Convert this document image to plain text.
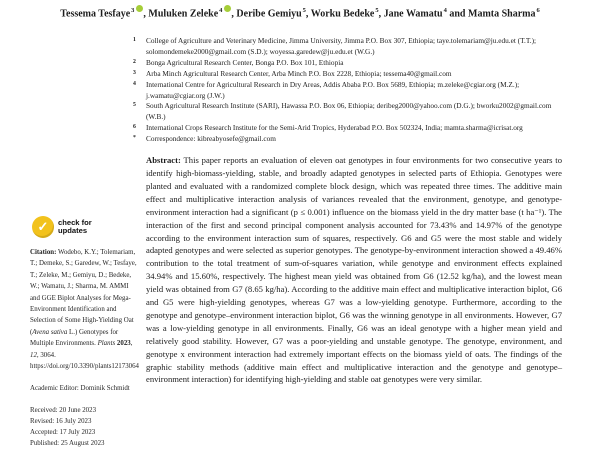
Tessema Tesfaye$^3$ , Muluken Zeleke$^4$ , Deribe Gemiyu$^5$, Worku Bedeke$^5$, Jane Wamatu$^4$ and Mamta Sharma$^6$
✓	check for
updates

Citation: Wodebo, K.Y.; Tolemariam, T.; Demeke, S.; Garedew, W.; Tesfaye, T.; Zeleke, M.; Gemiyu, D.; Bedeke, W.; Wamatu, J.; Sharma, M. AMMI and GGE Biplot Analyses for Mega-Environment Identification and Selection of Some High-Yielding Oat (Avena sativa L.) Genotypes for Multiple Environments. Plants 2023, 12, 3064. https://doi.org/10.3390/plants12173064

Academic Editor: Dominik Schmidt

Received: 20 June 2023
Revised: 16 July 2023
Accepted: 17 July 2023
Published: 25 August 2023
1	College of Agriculture and Veterinary Medicine, Jimma University, Jimma P.O. Box 307, Ethiopia; taye.tolemariam@ju.edu.et (T.T.); solomondemeke2000@gmail.com (S.D.); woyessa.garedew@ju.edu.et (W.G.)
2	Bonga Agricultural Research Center, Bonga P.O. Box 101, Ethiopia
3	Arba Minch Agricultural Research Center, Arba Minch P.O. Box 2228, Ethiopia; tessema40@gmail.com
4	International Centre for Agricultural Research in Dry Areas, Addis Ababa P.O. Box 5689, Ethiopia; m.zeleke@cgiar.org (M.Z.); j.wamatu@cgiar.org (J.W.)
5	South Agricultural Research Institute (SARI), Hawassa P.O. Box 06, Ethiopia; deribeg2000@yahoo.com (D.G.); bworku2002@gmail.com (W.B.)
6	International Crops Research Institute for the Semi-Arid Tropics, Hyderabad P.O. Box 502324, India; mamta.sharma@icrisat.org
*	Correspondence: kibreabyosefe@gmail.com

Abstract: This paper reports an evaluation of eleven oat genotypes in four environments for two consecutive years to identify high-biomass-yielding, stable, and broadly adapted genotypes in selected parts of Ethiopia. Genotypes were planted and evaluated with a randomized complete block design, which was repeated three times. The additive main effect and multiplicative interaction analysis of variances revealed that the environment, genotype, and genotype-environment interaction had a significant (p ≤ 0.001) influence on the biomass yield in the dry matter base (t ha⁻¹). The interaction of the first and second principal component analysis accounted for 73.43% and 14.97% of the genotype according to the environment interaction sum of squares, respectively. G6 and G5 were the most stable and widely adapted genotypes and were selected as superior genotypes. The genotype-by-environment interaction showed a 49.46% contribution to the total treatment of sum-of-squares variation, while genotype and environment effects explained 34.94% and 15.60%, respectively. The highest mean yield was obtained from G6 (12.52 kg/ha), and the lowest mean yield was obtained from G7 (8.65 kg/ha). According to the additive main effect and multiplicative interaction biplot, G6 and G5 were high-yielding genotypes, whereas G7 was a low-yielding genotype. Furthermore, according to the genotype and genotype–environment interaction biplot, G6 was the winning genotype in all environments. However, G7 was a low-yielding genotype in all environments. Finally, G6 was an ideal genotype with a higher mean yield and relatively good stability. However, G7 was a poor-yielding and unstable genotype. The genotype, environment, and genotype x environment interaction had extremely important effects on the biomass yield of oats. The findings of the graphic stability methods (additive main effect and multiplicative interaction and the genotype and genotype–environment interaction) for identifying high-yielding and stable oat genotypes were very similar.
